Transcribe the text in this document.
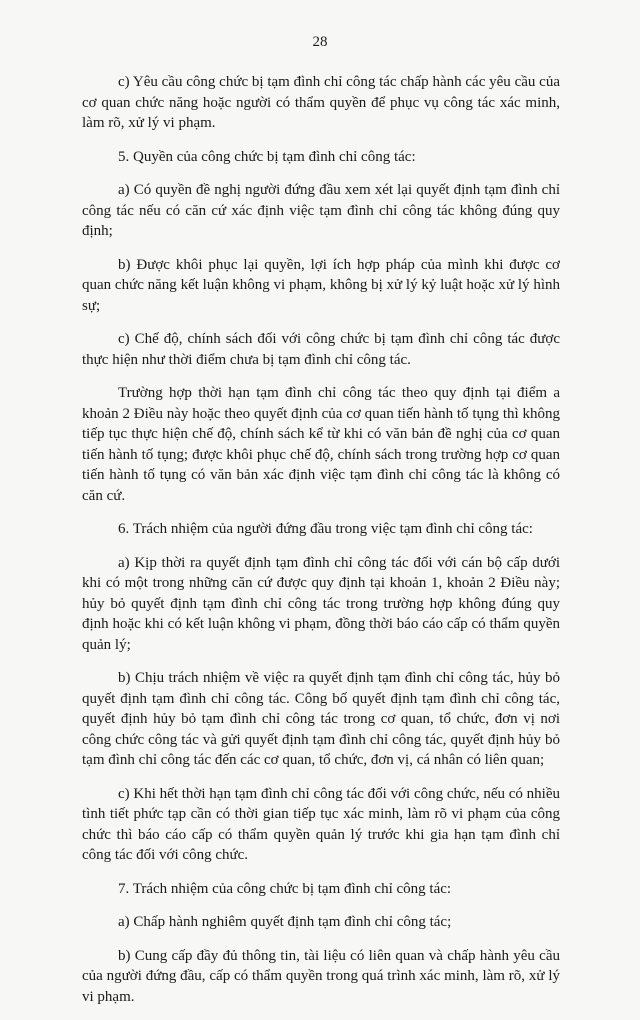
28

c) Yêu cầu công chức bị tạm đình chỉ công tác chấp hành các yêu cầu của cơ quan chức năng hoặc người có thẩm quyền để phục vụ công tác xác minh, làm rõ, xử lý vi phạm.

5. Quyền của công chức bị tạm đình chỉ công tác:

a) Có quyền đề nghị người đứng đầu xem xét lại quyết định tạm đình chỉ công tác nếu có căn cứ xác định việc tạm đình chỉ công tác không đúng quy định;

b) Được khôi phục lại quyền, lợi ích hợp pháp của mình khi được cơ quan chức năng kết luận không vi phạm, không bị xử lý kỷ luật hoặc xử lý hình sự;

c) Chế độ, chính sách đối với công chức bị tạm đình chỉ công tác được thực hiện như thời điểm chưa bị tạm đình chỉ công tác.

Trường hợp thời hạn tạm đình chỉ công tác theo quy định tại điểm a khoản 2 Điều này hoặc theo quyết định của cơ quan tiến hành tố tụng thì không tiếp tục thực hiện chế độ, chính sách kể từ khi có văn bản đề nghị của cơ quan tiến hành tố tụng; được khôi phục chế độ, chính sách trong trường hợp cơ quan tiến hành tố tụng có văn bản xác định việc tạm đình chỉ công tác là không có căn cứ.

6. Trách nhiệm của người đứng đầu trong việc tạm đình chỉ công tác:

a) Kịp thời ra quyết định tạm đình chỉ công tác đối với cán bộ cấp dưới khi có một trong những căn cứ được quy định tại khoản 1, khoản 2 Điều này; hủy bỏ quyết định tạm đình chỉ công tác trong trường hợp không đúng quy định hoặc khi có kết luận không vi phạm, đồng thời báo cáo cấp có thẩm quyền quản lý;

b) Chịu trách nhiệm về việc ra quyết định tạm đình chỉ công tác, hủy bỏ quyết định tạm đình chỉ công tác. Công bố quyết định tạm đình chỉ công tác, quyết định hủy bỏ tạm đình chỉ công tác trong cơ quan, tổ chức, đơn vị nơi công chức công tác và gửi quyết định tạm đình chỉ công tác, quyết định hủy bỏ tạm đình chỉ công tác đến các cơ quan, tổ chức, đơn vị, cá nhân có liên quan;

c) Khi hết thời hạn tạm đình chỉ công tác đối với công chức, nếu có nhiều tình tiết phức tạp cần có thời gian tiếp tục xác minh, làm rõ vi phạm của công chức thì báo cáo cấp có thẩm quyền quản lý trước khi gia hạn tạm đình chỉ công tác đối với công chức.

7. Trách nhiệm của công chức bị tạm đình chỉ công tác:

a) Chấp hành nghiêm quyết định tạm đình chỉ công tác;

b) Cung cấp đầy đủ thông tin, tài liệu có liên quan và chấp hành yêu cầu của người đứng đầu, cấp có thẩm quyền trong quá trình xác minh, làm rõ, xử lý vi phạm.
